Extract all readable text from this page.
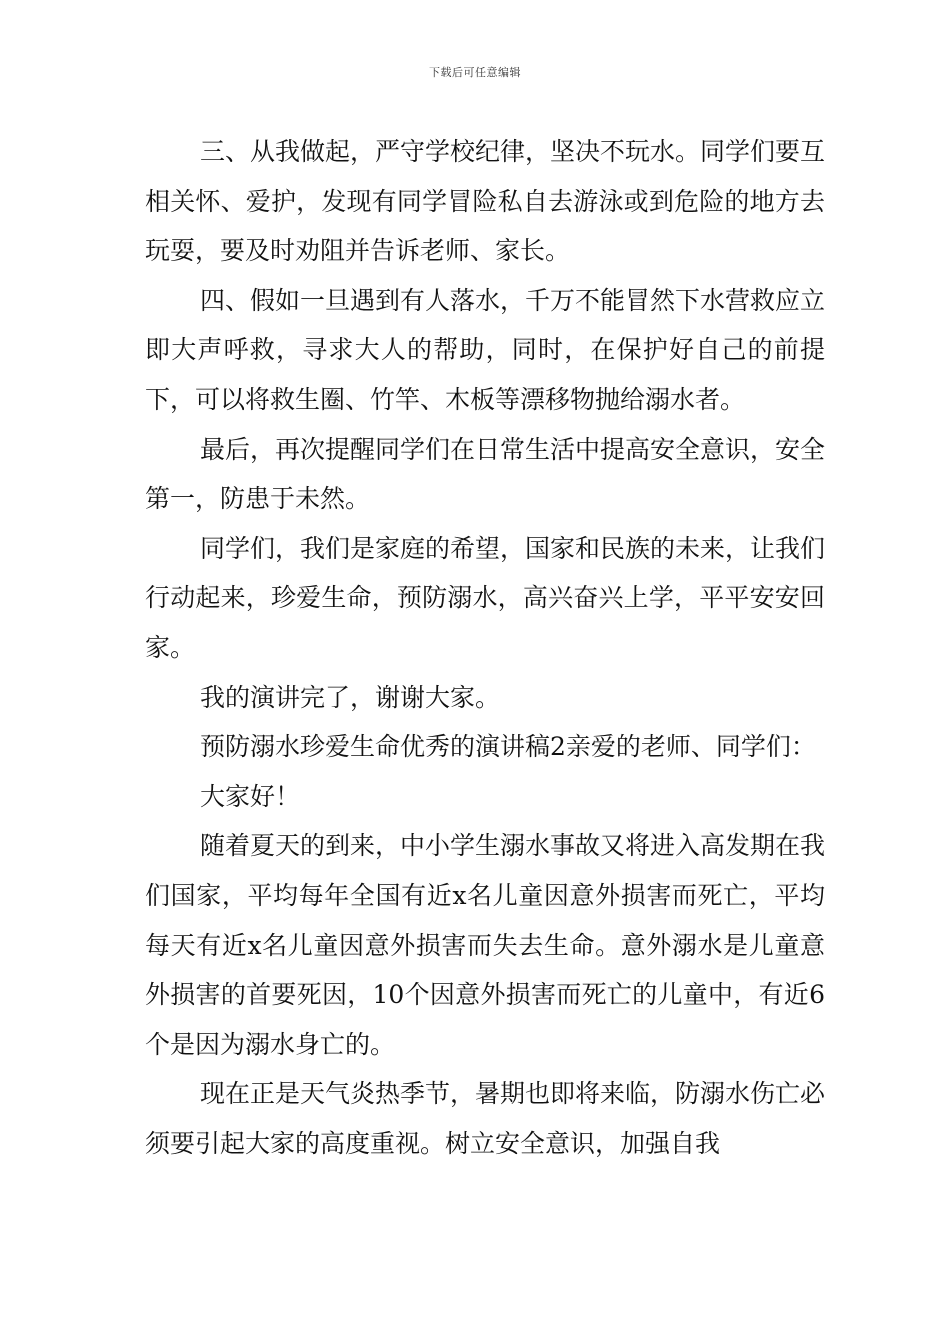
下载后可任意编辑

三、从我做起，严守学校纪律，坚决不玩水。同学们要互相关怀、爱护，发现有同学冒险私自去游泳或到危险的地方去玩耍，要及时劝阻并告诉老师、家长。

四、假如一旦遇到有人落水，千万不能冒然下水营救应立即大声呼救，寻求大人的帮助，同时，在保护好自己的前提下，可以将救生圈、竹竿、木板等漂移物抛给溺水者。

最后，再次提醒同学们在日常生活中提高安全意识，安全第一，防患于未然。

同学们，我们是家庭的希望，国家和民族的未来，让我们行动起来，珍爱生命，预防溺水，高兴奋兴上学，平平安安回家。

我的演讲完了，谢谢大家。

预防溺水珍爱生命优秀的演讲稿2亲爱的老师、同学们：

大家好！

随着夏天的到来，中小学生溺水事故又将进入高发期在我们国家，平均每年全国有近x名儿童因意外损害而死亡，平均每天有近x名儿童因意外损害而失去生命。意外溺水是儿童意外损害的首要死因，10个因意外损害而死亡的儿童中，有近6个是因为溺水身亡的。

现在正是天气炎热季节，暑期也即将来临，防溺水伤亡必须要引起大家的高度重视。树立安全意识，加强自我
